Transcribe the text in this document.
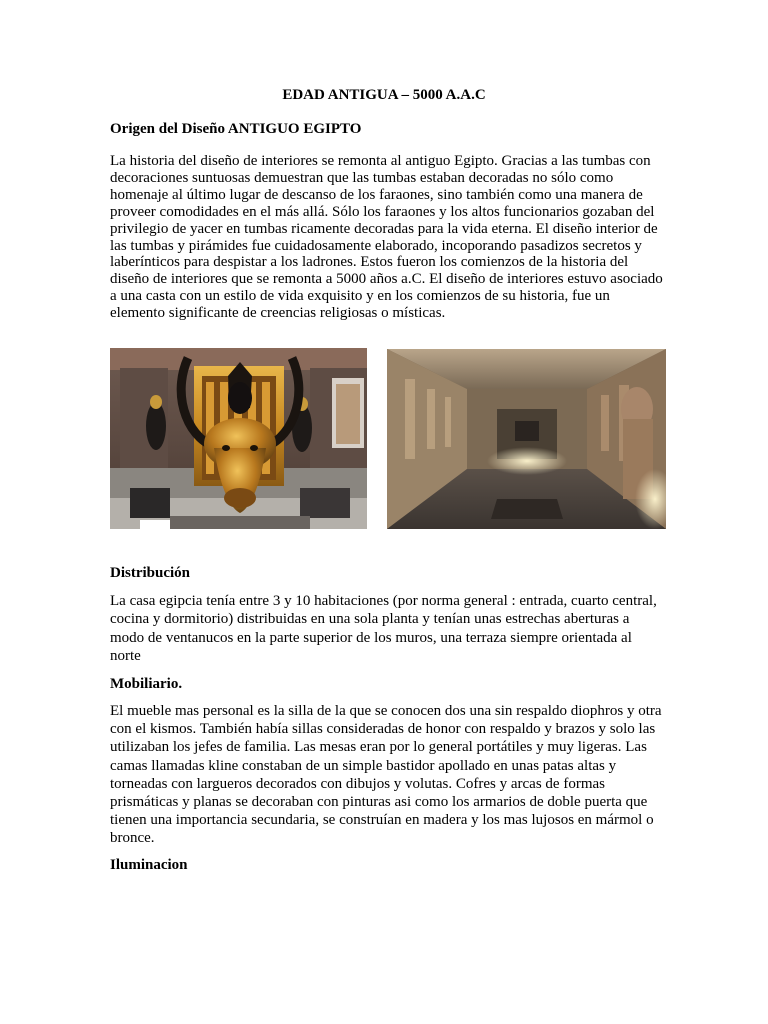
EDAD ANTIGUA – 5000 A.A.C
Origen del Diseño ANTIGUO EGIPTO

La historia del diseño de interiores se remonta al antiguo Egipto. Gracias a las tumbas con decoraciones suntuosas demuestran que las tumbas estaban decoradas no sólo como homenaje al último lugar de descanso de los faraones, sino también como una manera de proveer comodidades en el más allá. Sólo los faraones y los altos funcionarios gozaban del privilegio de yacer en tumbas ricamente decoradas para la vida eterna. El diseño interior de las tumbas y pirámides fue cuidadosamente elaborado, incoporando pasadizos secretos y laberínticos para despistar a los ladrones. Estos fueron los comienzos de la historia del diseño de interiores que se remonta a 5000 años a.C. El diseño de interiores estuvo asociado a una casta con un estilo de vida exquisito y en los comienzos de su historia, fue un elemento significante de creencias religiosas o místicas.

Distribución

La casa egipcia tenía entre 3 y 10 habitaciones (por norma general : entrada, cuarto central, cocina y dormitorio) distribuidas en una sola planta y tenían unas estrechas aberturas a modo de ventanucos en la parte superior de los muros, una terraza siempre orientada al norte

Mobiliario.

El mueble mas personal es la silla de la que se conocen dos una sin respaldo diophros y otra con el kismos. También había sillas consideradas de honor con respaldo y brazos y solo las utilizaban los jefes de familia. Las mesas eran por lo general portátiles y muy ligeras. Las camas llamadas kline constaban de un simple bastidor apollado en unas patas altas y torneadas con largueros decorados con dibujos y volutas. Cofres y arcas de formas prismáticas y planas se decoraban con pinturas asi como los armarios de doble puerta que tienen una importancia secundaria, se construían en madera y los mas lujosos en mármol o bronce.

Iluminacion
